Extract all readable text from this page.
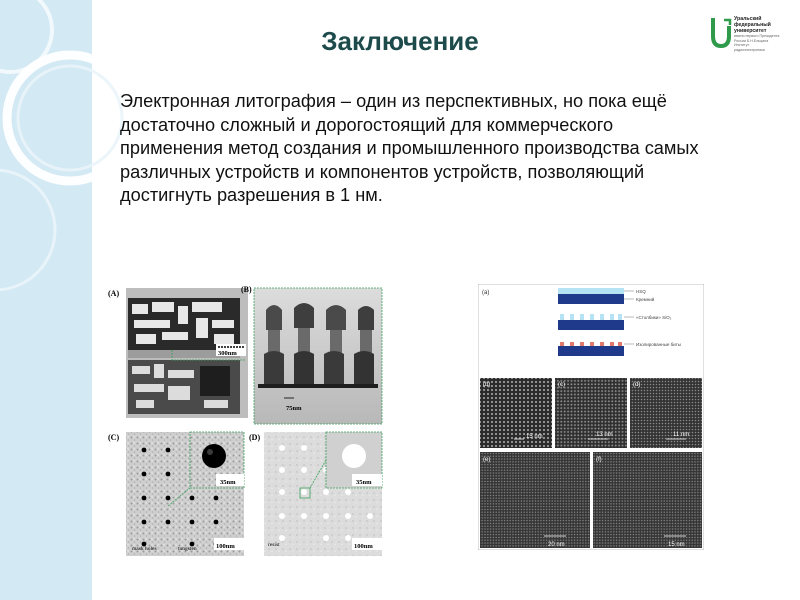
Заключение
Уральский
федеральный
университет
имени первого Президента
России Б.Н.Ельцина
Институт
радиоэлектроники

Электронная литография – один из перспективных, но пока ещё достаточно сложный и дорогостоящий для коммерческого применения метод создания и промышленного производства самых различных устройств и компонентов устройств, позволяющий достигнуть разрешения в 1 нм.

(A)
300nm
(B)
75nm
(C)
35nm
100nm
mask holes	tungsten
(D)
35nm
100nm
resist
(a)	HSQ
Кремний
«Столбики» SiO₂
Изолированные биты
(b)	(c)	(d)
15 nm	13 nm	11 nm
(e)	(f)
20 nm	15 nm
